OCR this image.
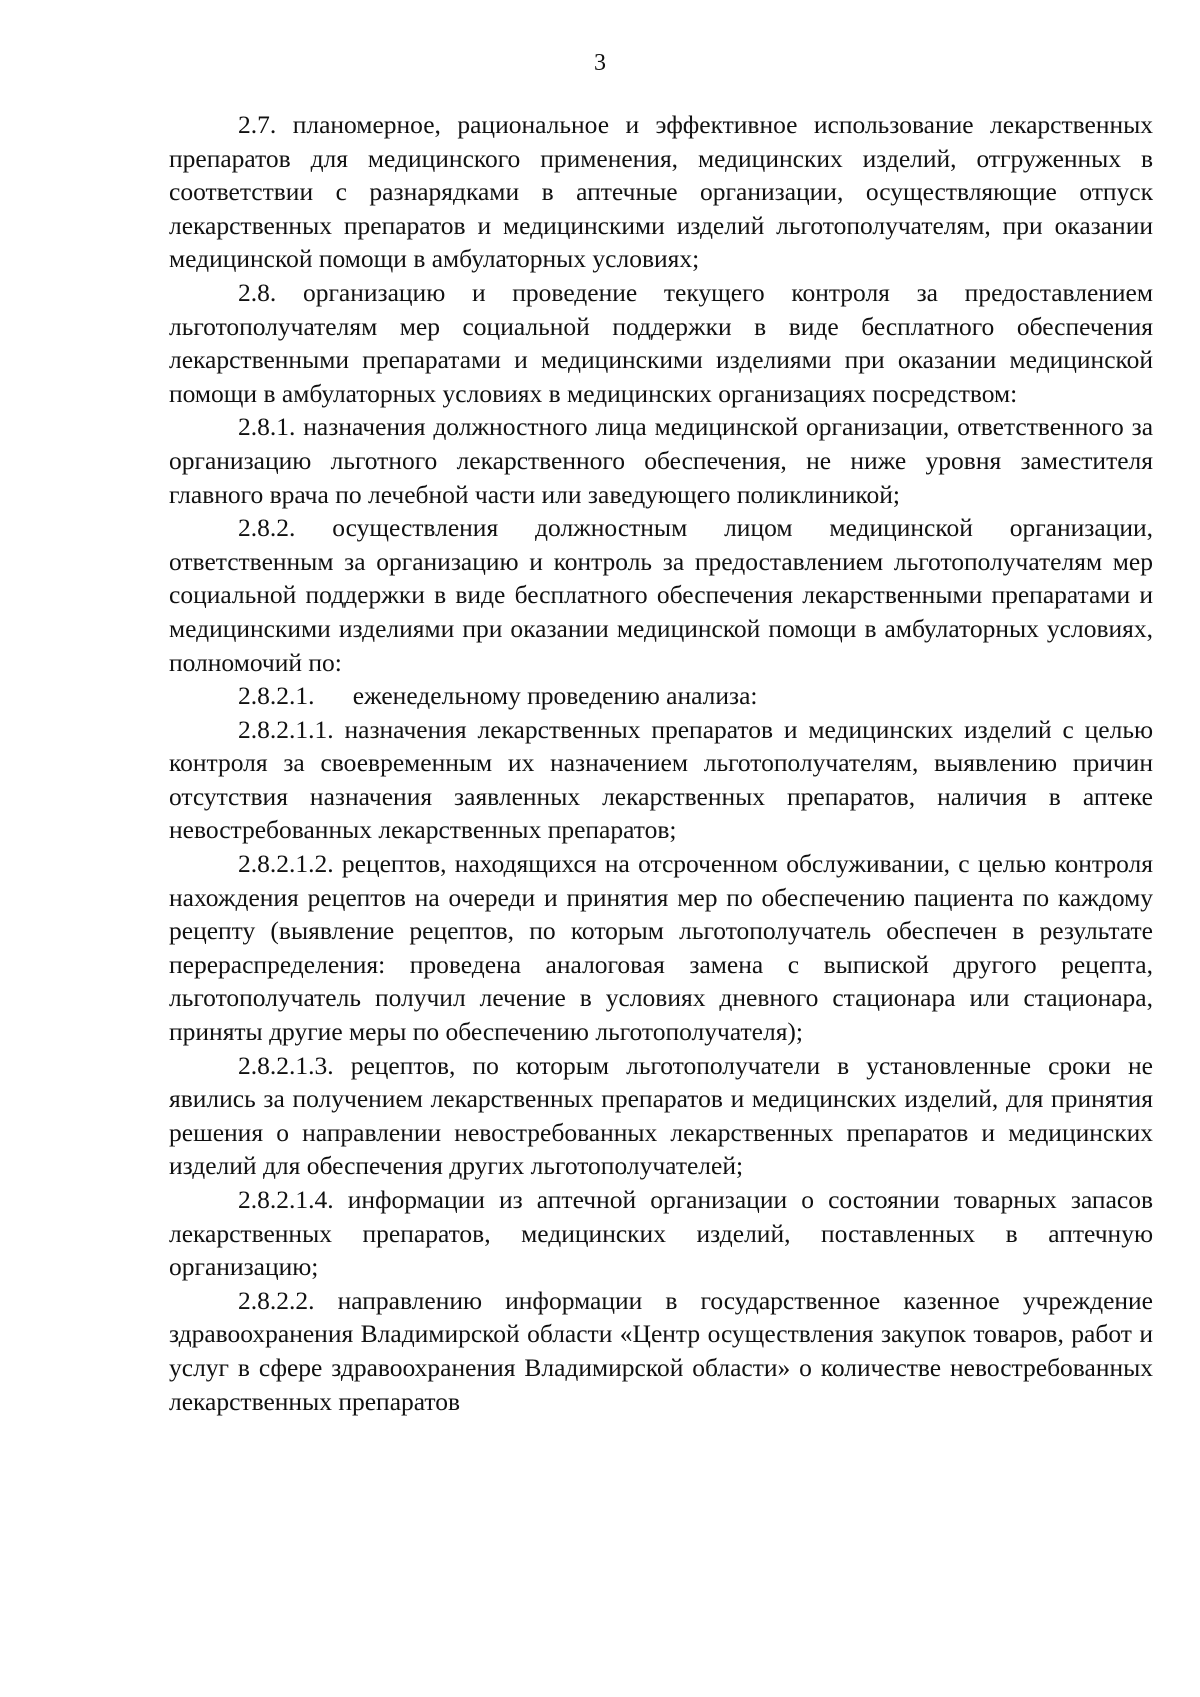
3

2.7. планомерное, рациональное и эффективное использование лекарственных препаратов для медицинского применения, медицинских изделий, отгруженных в соответствии с разнарядками в аптечные организации, осуществляющие отпуск лекарственных препаратов и медицинскими изделий льготополучателям, при оказании медицинской помощи в амбулаторных условиях;

2.8. организацию и проведение текущего контроля за предоставлением льготополучателям мер социальной поддержки в виде бесплатного обеспечения лекарственными препаратами и медицинскими изделиями при оказании медицинской помощи в амбулаторных условиях в медицинских организациях посредством:

2.8.1. назначения должностного лица медицинской организации, ответственного за организацию льготного лекарственного обеспечения, не ниже уровня заместителя главного врача по лечебной части или заведующего поликлиникой;

2.8.2. осуществления должностным лицом медицинской организации, ответственным за организацию и контроль за предоставлением льготополучателям мер социальной поддержки в виде бесплатного обеспечения лекарственными препаратами и медицинскими изделиями при оказании медицинской помощи в амбулаторных условиях, полномочий по:

2.8.2.1. еженедельному проведению анализа:

2.8.2.1.1. назначения лекарственных препаратов и медицинских изделий с целью контроля за своевременным их назначением льготополучателям, выявлению причин отсутствия назначения заявленных лекарственных препаратов, наличия в аптеке невостребованных лекарственных препаратов;

2.8.2.1.2. рецептов, находящихся на отсроченном обслуживании, с целью контроля нахождения рецептов на очереди и принятия мер по обеспечению пациента по каждому рецепту (выявление рецептов, по которым льготополучатель обеспечен в результате перераспределения: проведена аналоговая замена с выпиской другого рецепта, льготополучатель получил лечение в условиях дневного стационара или стационара, приняты другие меры по обеспечению льготополучателя);

2.8.2.1.3. рецептов, по которым льготополучатели в установленные сроки не явились за получением лекарственных препаратов и медицинских изделий, для принятия решения о направлении невостребованных лекарственных препаратов и медицинских изделий для обеспечения других льготополучателей;

2.8.2.1.4. информации из аптечной организации о состоянии товарных запасов лекарственных препаратов, медицинских изделий, поставленных в аптечную организацию;

2.8.2.2. направлению информации в государственное казенное учреждение здравоохранения Владимирской области «Центр осуществления закупок товаров, работ и услуг в сфере здравоохранения Владимирской области» о количестве невостребованных лекарственных препаратов
